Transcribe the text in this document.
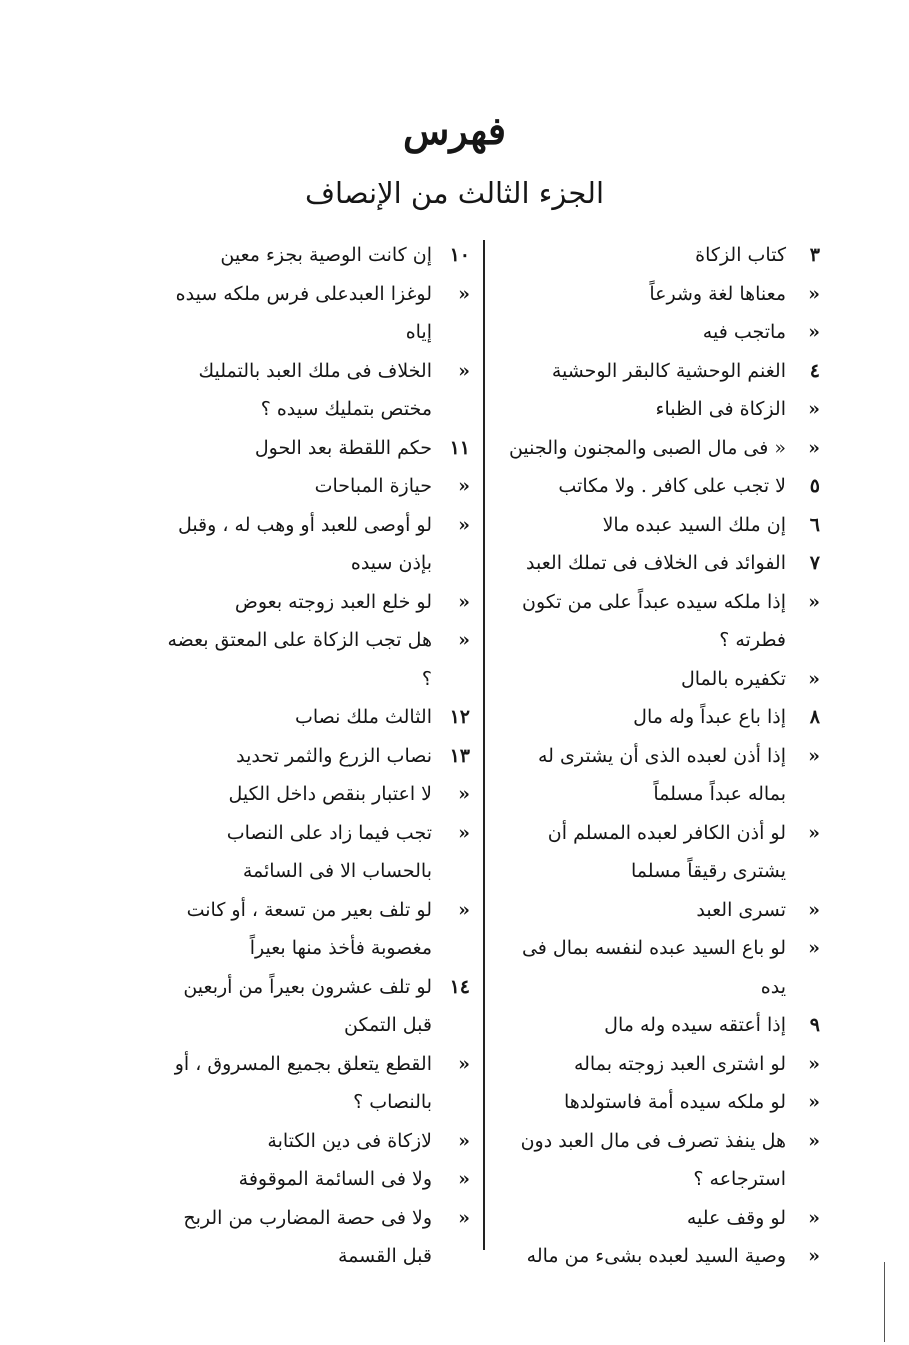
فهرس
الجزء الثالث من الإنصاف
٣
كتاب الزكاة
«
معناها لغة وشرعاً
«
ماتجب فيه
٤
الغنم الوحشية كالبقر الوحشية
«
الزكاة فى الظباء
«
« فى مال الصبى والمجنون والجنين
٥
لا تجب على كافر . ولا مكاتب
٦
إن ملك السيد عبده مالا
٧
الفوائد فى الخلاف فى تملك العبد
«
إذا ملكه سيده عبداً على من تكون فطرته ؟
«
تكفيره بالمال
٨
إذا باع عبداً وله مال
«
إذا أذن لعبده الذى أن يشترى له بماله عبداً مسلماً
«
لو أذن الكافر لعبده المسلم أن يشترى رقيقاً مسلما
«
تسرى العبد
«
لو باع السيد عبده لنفسه بمال فى يده
٩
إذا أعتقه سيده وله مال
«
لو اشترى العبد زوجته بماله
«
لو ملكه سيده أمة فاستولدها
«
هل ينفذ تصرف فى مال العبد دون استرجاعه ؟
«
لو وقف عليه
«
وصية السيد لعبده بشىء من ماله
١٠
إن كانت الوصية بجزء معين
«
لوغزا العبدعلى فرس ملكه سيده إياه
«
الخلاف فى ملك العبد بالتمليك مختص بتمليك سيده ؟
١١
حكم اللقطة بعد الحول
«
حيازة المباحات
«
لو أوصى للعبد أو وهب له ، وقبل بإذن سيده
«
لو خلع العبد زوجته بعوض
«
هل تجب الزكاة على المعتق بعضه ؟
١٢
الثالث ملك نصاب
١٣
نصاب الزرع والثمر تحديد
«
لا اعتبار بنقص داخل الكيل
«
تجب فيما زاد على النصاب بالحساب الا فى السائمة
«
لو تلف بعير من تسعة ، أو كانت مغصوبة فأخذ منها بعيراً
١٤
لو تلف عشرون بعيراً من أربعين قبل التمكن
«
القطع يتعلق بجميع المسروق ، أو بالنصاب ؟
«
لازكاة فى دين الكتابة
«
ولا فى السائمة الموقوفة
«
ولا فى حصة المضارب من الربح قبل القسمة
